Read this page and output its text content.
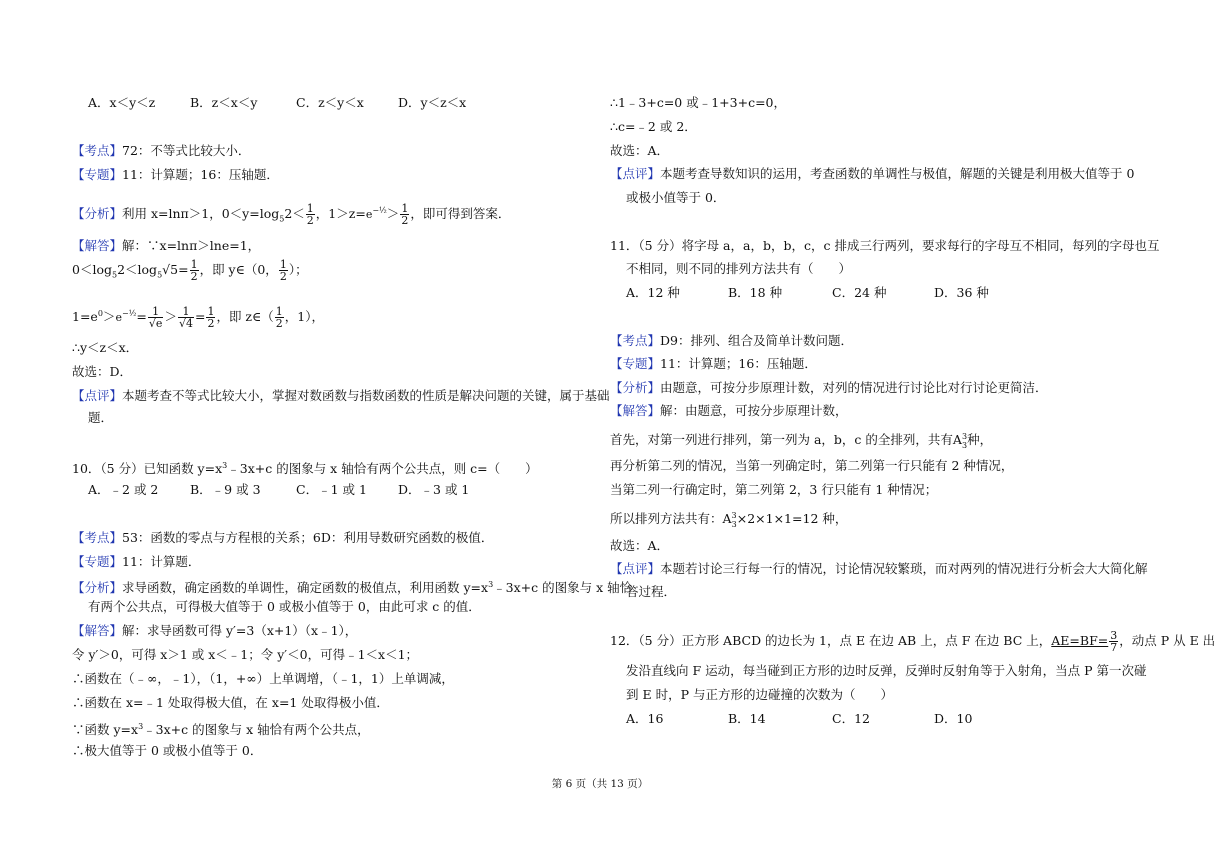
A．x＜y＜z	B．z＜x＜y	C．z＜y＜x	D．y＜z＜x
【考点】72：不等式比较大小．
【专题】11：计算题；16：压轴题．
【分析】利用 x=lnπ＞1，$0<y=\log_52< \frac{1}{2}$ ，$1>z=e^{-\frac{1}{2}}> \frac{1}{2}$ ，即可得到答案．
【解答】解：∵x=lnπ＞lne=1，
$0<\log_52<\log_5√5= \frac{1}{2}$ ，即 y∈（0， $\frac{1}{2}$ ）；
$1=e^0>e^{-\frac{1}{2}}= \frac{1}{√e} > \frac{1}{√4} = \frac{1}{2}$ ，即 z∈（ $\frac{1}{2}$ ，1），
∴y＜z＜x．
故选：D．
【点评】本题考查不等式比较大小，掌握对数函数与指数函数的性质是解决问题的关键，属于基础
题．
10．（5 分）已知函数 $y=x^3﹣3x+c$ 的图象与 x 轴恰有两个公共点，则 c=（　　）
A．﹣2 或 2	B．﹣9 或 3	C．﹣1 或 1 D．﹣3 或 1
【考点】53：函数的零点与方程根的关系；6D：利用导数研究函数的极值．
【专题】11：计算题．
【分析】求导函数，确定函数的单调性，确定函数的极值点，利用函数 $y=x^3﹣3x+c$ 的图象与 x 轴恰
有两个公共点，可得极大值等于 0 或极小值等于 0，由此可求 c 的值．
【解答】解：求导函数可得 y′=3（x+1）（x﹣1），
令 y′＞0，可得 x＞1 或 x＜﹣1；令 y′＜0，可得﹣1＜x＜1；
∴函数在（﹣∞，﹣1），（1，+∞）上单调增，（﹣1，1）上单调减，
∴函数在 x=﹣1 处取得极大值，在 x=1 处取得极小值．
∵函数 $y=x^3﹣3x+c$ 的图象与 x 轴恰有两个公共点，
∴极大值等于 0 或极小值等于 0．
∴1﹣3+c=0 或﹣1+3+c=0，
∴c=﹣2 或 2．
故选：A．
【点评】本题考查导数知识的运用，考查函数的单调性与极值，解题的关键是利用极大值等于 0
或极小值等于 0．
11．（5 分）将字母 a，a，b，b，c，c 排成三行两列，要求每行的字母互不相同，每列的字母也互
不相同，则不同的排列方法共有（　　）
A．12 种	B．18 种	C．24 种	D．36 种
【考点】D9：排列、组合及简单计数问题．
【专题】11：计算题；16：压轴题．
【分析】由题意，可按分步原理计数，对列的情况进行讨论比对行讨论更简洁．
【解答】解：由题意，可按分步原理计数，
首先，对第一列进行排列，第一列为 a，b，c 的全排列，共有$A^3_3$种，
再分析第二列的情况，当第一列确定时，第二列第一行只能有 2 种情况，
当第二列一行确定时，第二列第 2，3 行只能有 1 种情况；
所以排列方法共有：$A^3_3\times 2\times 1\times 1=12$ 种，
故选：A．
【点评】本题若讨论三行每一行的情况，讨论情况较繁琐，而对两列的情况进行分析会大大简化解
答过程．
12．（5 分）正方形 ABCD 的边长为 1，点 E 在边 AB 上，点 F 在边 BC 上，$AE=BF= \frac{3}{7}$ ，动点 P 从 E 出
发沿直线向 F 运动，每当碰到正方形的边时反弹，反弹时反射角等于入射角，当点 P 第一次碰
到 E 时，P 与正方形的边碰撞的次数为（　　）
A．16	B．14	C．12	D．10
第 6 页（共 13 页）
